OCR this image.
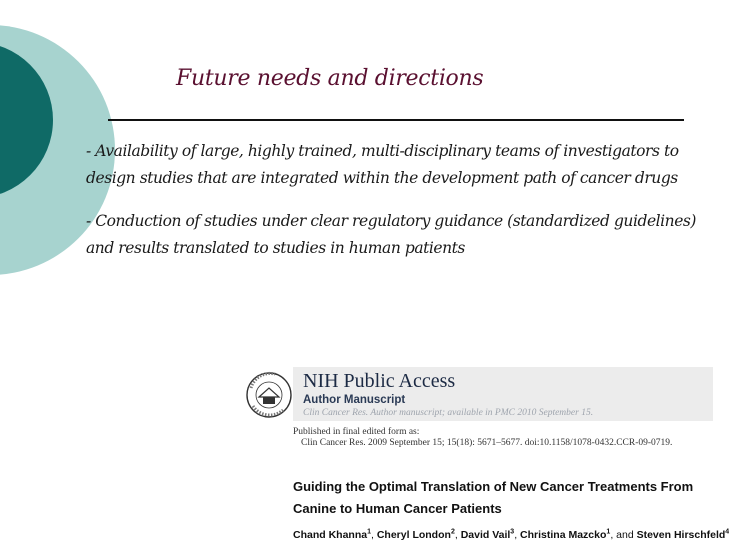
Future needs and directions
- Availability of large, highly trained, multi-disciplinary teams of investigators to
design studies that are integrated within the development path of cancer drugs
- Conduction of studies under clear regulatory guidance (standardized guidelines)
and results translated to studies in human patients
NIH Public Access
Author Manuscript
Clin Cancer Res. Author manuscript; available in PMC 2010 September 15.
Published in final edited form as:
Clin Cancer Res. 2009 September 15; 15(18): 5671–5677. doi:10.1158/1078-0432.CCR-09-0719.
Guiding the Optimal Translation of New Cancer Treatments From
Canine to Human Cancer Patients
Chand Khanna$^1$, Cheryl London$^2$, David Vail$^3$, Christina Mazcko$^1$, and Steven Hirschfeld$^4$
